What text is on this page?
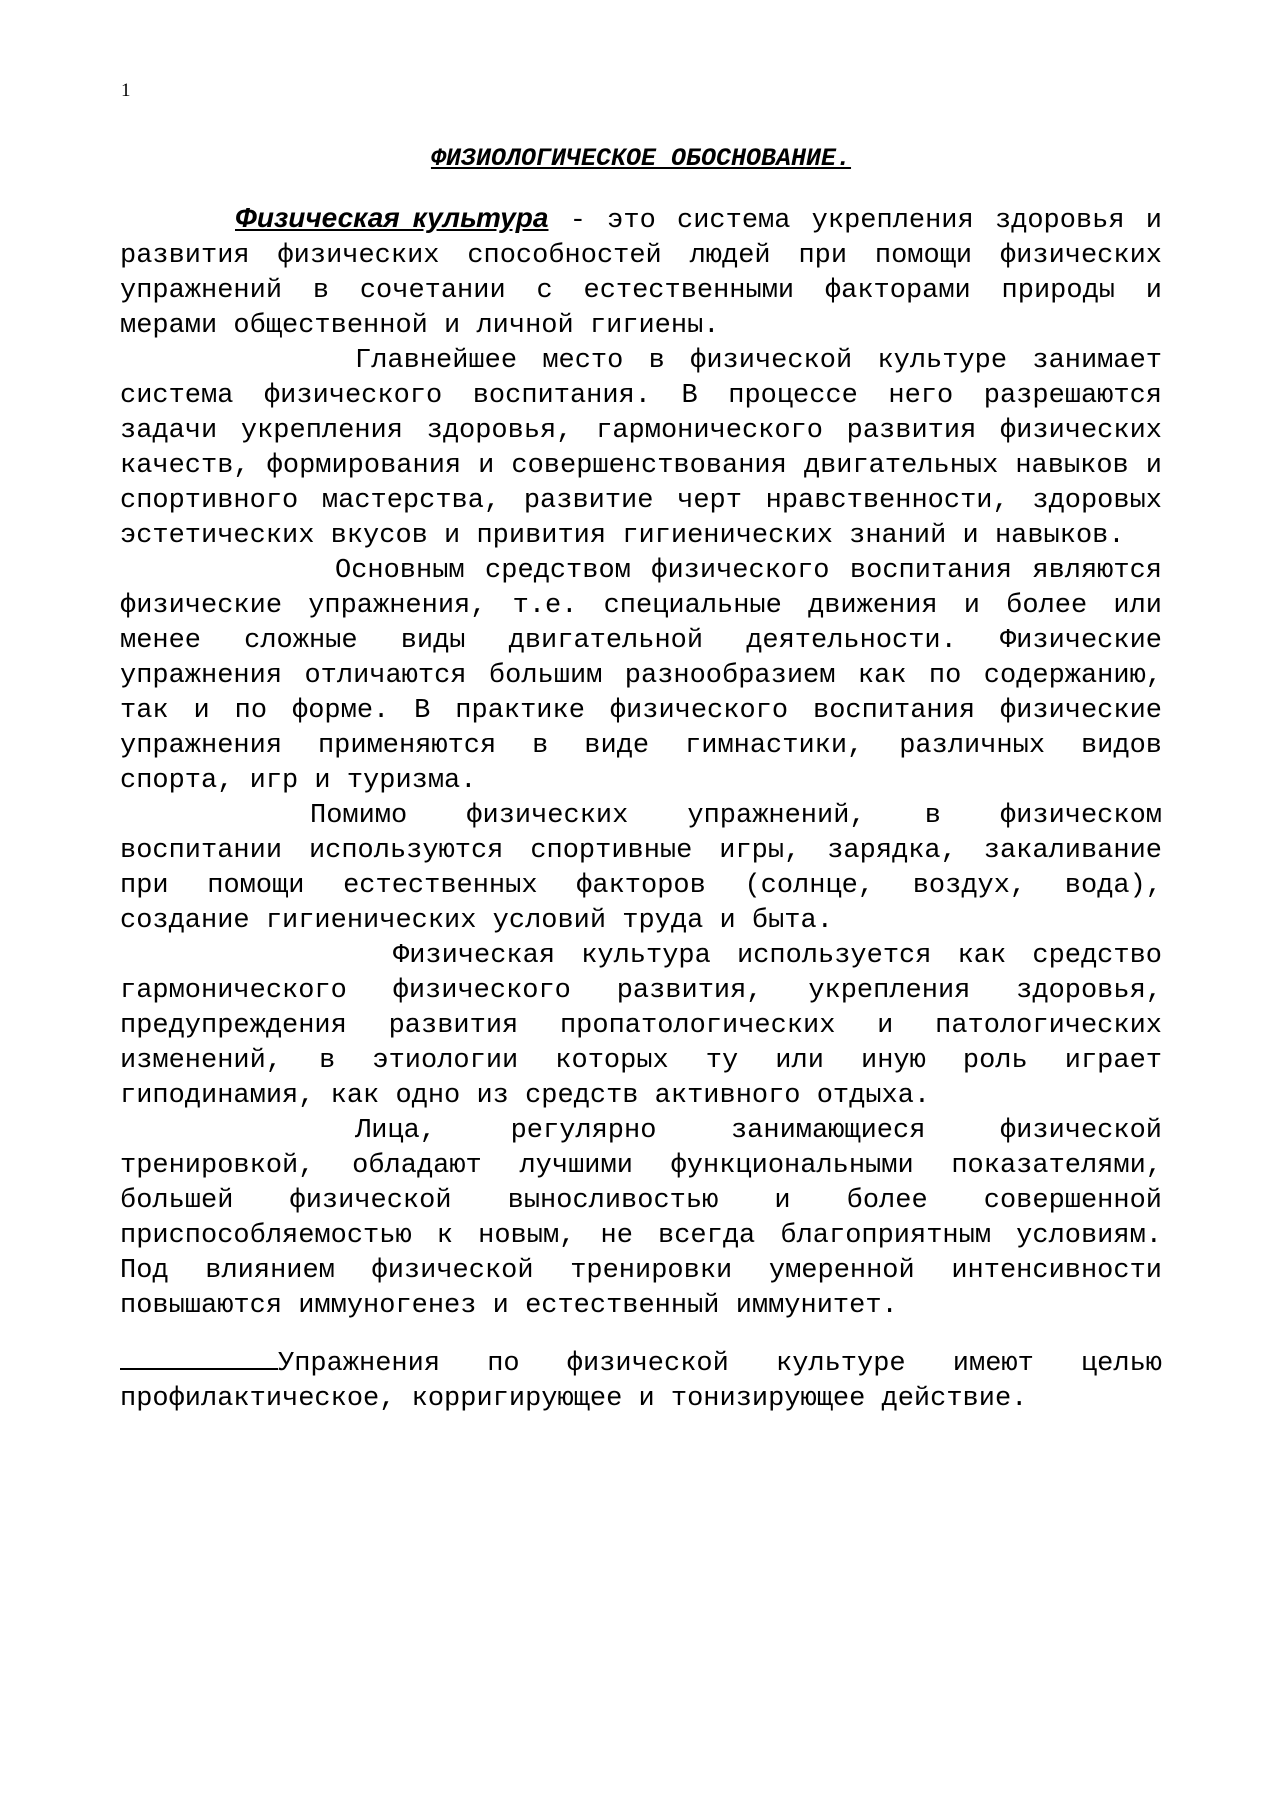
1
ФИЗИОЛОГИЧЕСКОЕ ОБОСНОВАНИЕ.

Физическая культура - это система укрепления здоровья и развития физических способностей людей при помощи физических упражнений в сочетании с естественными факторами природы и мерами общественной и личной гигиены.

Главнейшее место в физической культуре занимает система физического воспитания. В процессе него разрешаются задачи укрепления здоровья, гармонического развития физических качеств, формирования и совершенствования двигательных навыков и спортивного мастерства, развитие черт нравственности, здоровых эстетических вкусов и привития гигиенических знаний и навыков.

Основным средством физического воспитания являются физические упражнения, т.е. специальные движения и более или менее сложные виды двигательной деятельности. Физические упражнения отличаются большим разнообразием как по содержанию, так и по форме. В практике физического воспитания физические упражнения применяются в виде гимнастики, различных видов спорта, игр и туризма.

Помимо физических упражнений, в физическом воспитании используются спортивные игры, зарядка, закаливание при помощи естественных факторов (солнце, воздух, вода), создание гигиенических условий труда и быта.

Физическая культура используется как средство гармонического физического развития, укрепления здоровья, предупреждения развития пропатологических и патологических изменений, в этиологии которых ту или иную роль играет гиподинамия, как одно из средств активного отдыха.

Лица, регулярно занимающиеся физической тренировкой, обладают лучшими функциональными показателями, большей физической выносливостью и более совершенной приспособляемостью к новым, не всегда благоприятным условиям. Под влиянием физической тренировки умеренной интенсивности повышаются иммуногенез и естественный иммунитет.

Упражнения по физической культуре имеют целью профилактическое, корригирующее и тонизирующее действие.
